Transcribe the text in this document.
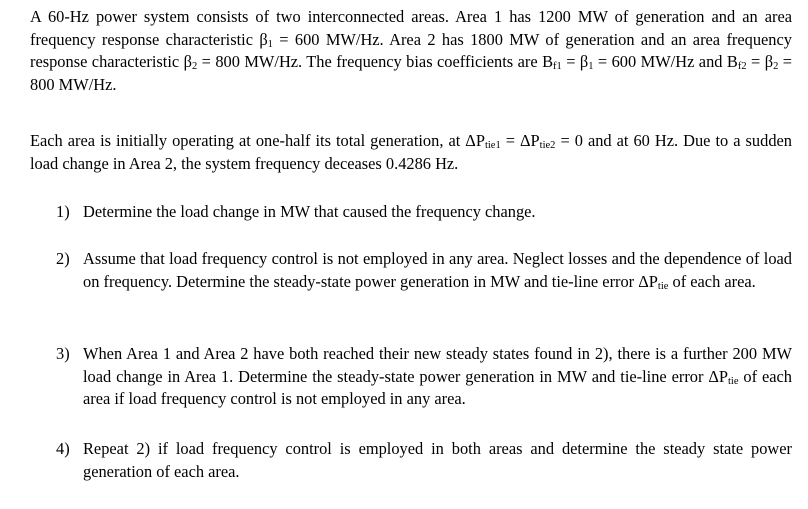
A 60-Hz power system consists of two interconnected areas. Area 1 has 1200 MW of generation and an area frequency response characteristic $\beta_1 = 600$ MW/Hz. Area 2 has 1800 MW of generation and an area frequency response characteristic $\beta_2 = 800$ MW/Hz. The frequency bias coefficients are $B_{f1} = \beta_1 = 600$ MW/Hz and $B_{f2} = \beta_2 = 800$ MW/Hz.

Each area is initially operating at one-half its total generation, at $\Delta P_{tie1} = \Delta P_{tie2} = 0$ and at 60 Hz. Due to a sudden load change in Area 2, the system frequency deceases 0.4286 Hz.

1) Determine the load change in MW that caused the frequency change.
2) Assume that load frequency control is not employed in any area. Neglect losses and the dependence of load on frequency. Determine the steady-state power generation in MW and tie-line error $\Delta P_{tie}$ of each area.
3) When Area 1 and Area 2 have both reached their new steady states found in 2), there is a further 200 MW load change in Area 1. Determine the steady-state power generation in MW and tie-line error $\Delta P_{tie}$ of each area if load frequency control is not employed in any area.
4) Repeat 2) if load frequency control is employed in both areas and determine the steady state power generation of each area.
